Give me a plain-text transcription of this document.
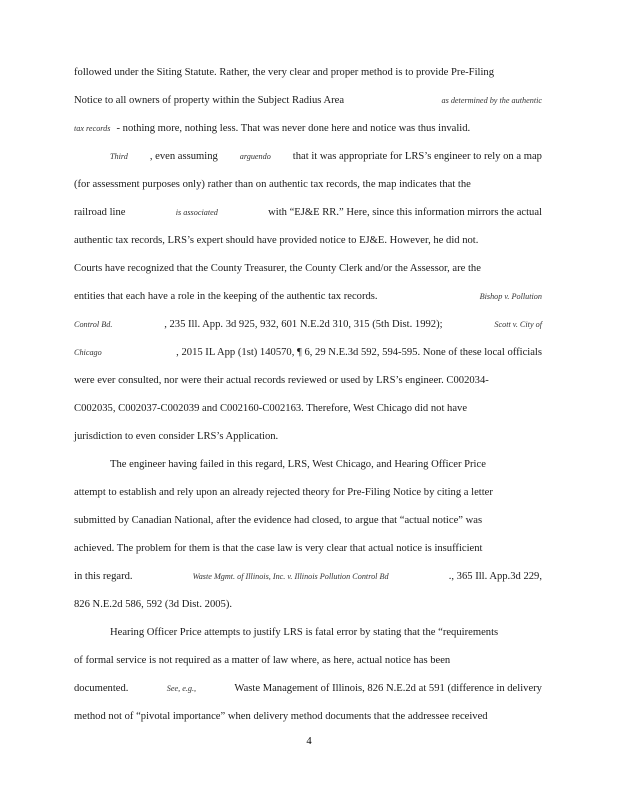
followed under the Siting Statute. Rather, the very clear and proper method is to provide Pre-Filing
Notice to all owners of property within the Subject Radius Area	as determined by the authentic
tax records - nothing more, nothing less. That was never done here and notice was thus invalid.
Third , even assuming	arguendo that it was appropriate for LRS’s engineer to rely on a map
(for assessment purposes only) rather than on authentic tax records, the map indicates that the
railroad line	is associated	with “EJ&E RR.” Here, since this information mirrors the actual
authentic tax records, LRS’s expert should have provided notice to EJ&E. However, he did not.
Courts have recognized that the County Treasurer, the County Clerk and/or the Assessor, are the
entities that each have a role in the keeping of the authentic tax records.	Bishop v. Pollution
Control Bd.	, 235 Ill. App. 3d 925, 932, 601 N.E.2d 310, 315 (5th Dist. 1992);	Scott v. City of
Chicago	, 2015 IL App (1st) 140570, ¶ 6, 29 N.E.3d 592, 594-595. None of these local officials
were ever consulted, nor were their actual records reviewed or used by LRS’s engineer. C002034-
C002035, C002037-C002039 and C002160-C002163. Therefore, West Chicago did not have
jurisdiction to even consider LRS’s Application.
The engineer having failed in this regard, LRS, West Chicago, and Hearing Officer Price
attempt to establish and rely upon an already rejected theory for Pre-Filing Notice by citing a letter
submitted by Canadian National, after the evidence had closed, to argue that “actual notice” was
achieved. The problem for them is that the case law is very clear that actual notice is insufficient
in this regard.	Waste Mgmt. of Illinois, Inc. v. Illinois Pollution Control Bd	., 365 Ill. App.3d 229,
826 N.E.2d 586, 592 (3d Dist. 2005).
Hearing Officer Price attempts to justify LRS is fatal error by stating that the “requirements
of formal service is not required as a matter of law where, as here, actual notice has been
documented.	See, e.g.,	Waste Management of Illinois, 826 N.E.2d at 591 (difference in delivery
method not of “pivotal importance” when delivery method documents that the addressee received
4
